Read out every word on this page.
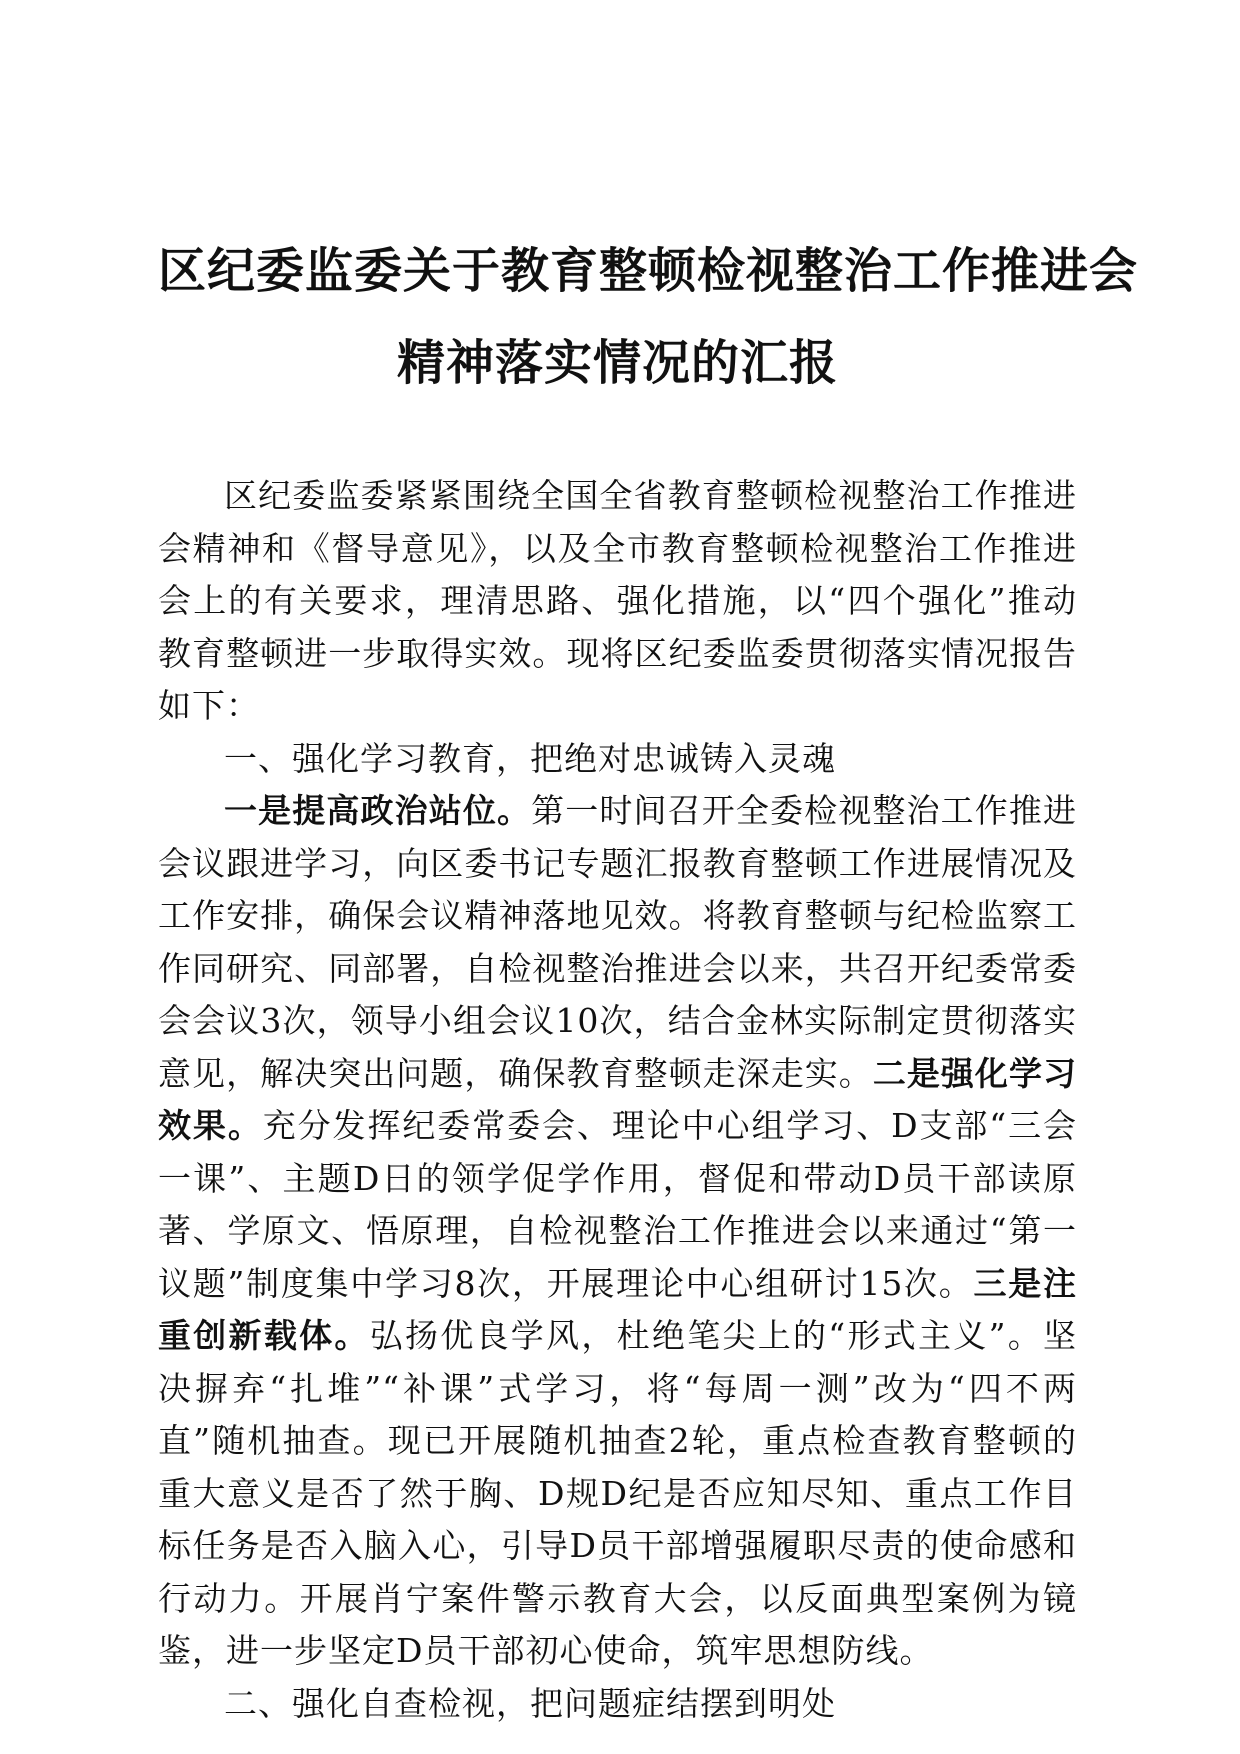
区纪委监委关于教育整顿检视整治工作推进会
精神落实情况的汇报

区纪委监委紧紧围绕全国全省教育整顿检视整治工作推进会精神和《督导意见》，以及全市教育整顿检视整治工作推进会上的有关要求，理清思路、强化措施，以“四个强化”推动教育整顿进一步取得实效。现将区纪委监委贯彻落实情况报告如下：

一、强化学习教育，把绝对忠诚铸入灵魂

一是提高政治站位。第一时间召开全委检视整治工作推进会议跟进学习，向区委书记专题汇报教育整顿工作进展情况及工作安排，确保会议精神落地见效。将教育整顿与纪检监察工作同研究、同部署，自检视整治推进会以来，共召开纪委常委会会议3次，领导小组会议10次，结合金林实际制定贯彻落实意见，解决突出问题，确保教育整顿走深走实。二是强化学习效果。充分发挥纪委常委会、理论中心组学习、D支部“三会一课”、主题D日的领学促学作用，督促和带动D员干部读原著、学原文、悟原理，自检视整治工作推进会以来通过“第一议题”制度集中学习8次，开展理论中心组研讨15次。三是注重创新载体。弘扬优良学风，杜绝笔尖上的“形式主义”。坚决摒弃“扎堆”“补课”式学习，将“每周一测”改为“四不两直”随机抽查。现已开展随机抽查2轮，重点检查教育整顿的重大意义是否了然于胸、D规D纪是否应知尽知、重点工作目标任务是否入脑入心，引导D员干部增强履职尽责的使命感和行动力。开展肖宁案件警示教育大会，以反面典型案例为镜鉴，进一步坚定D员干部初心使命，筑牢思想防线。

二、强化自查检视，把问题症结摆到明处
